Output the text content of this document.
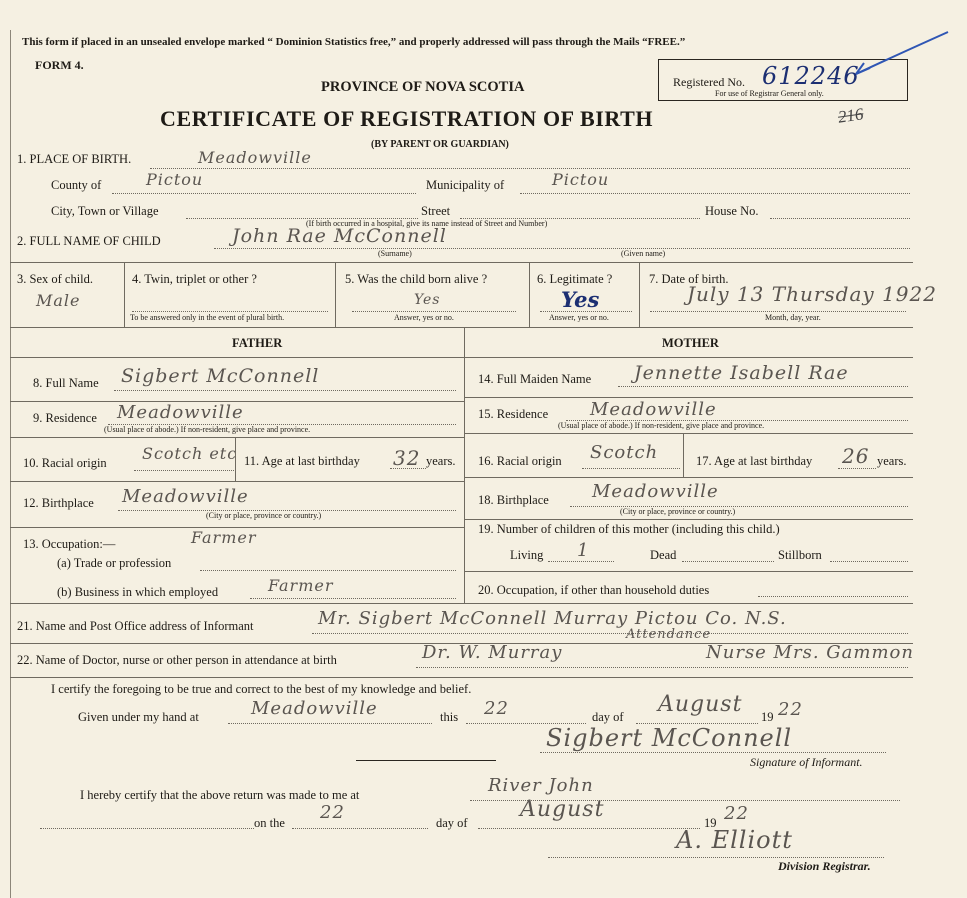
This form if placed in an unsealed envelope marked “ Dominion Statistics free,” and properly addressed will pass through the Mails “FREE.”
FORM 4.
PROVINCE OF NOVA SCOTIA
CERTIFICATE OF REGISTRATION OF BIRTH
(BY PARENT OR GUARDIAN)
Registered No. 612246
For use of Registrar General only.
216
1. PLACE OF BIRTH.	Meadowville
County of	Pictou	Municipality of	Pictou
City, Town or Village	Street	House No.
(If birth occurred in a hospital, give its name instead of Street and Number)
2. FULL NAME OF CHILD	John Rae McConnell
(Surname)	(Given name)
3. Sex of child.
Male
4. Twin, triplet or other ?
To be answered only in the event of plural birth.
5. Was the child born alive ?
Yes
Answer, yes or no.
6. Legitimate ?
Yes
Answer, yes or no.
7. Date of birth.
July 13 Thursday 1922
Month, day, year.
FATHER	MOTHER
8. Full Name Sigbert McConnell
9. Residence Meadowville
(Usual place of abode.) If non-resident, give place and province.
10. Racial origin Scotch etc 11. Age at last birthday 32 years.
12. Birthplace Meadowville
(City or place, province or country.)
13. Occupation:—	Farmer
(a) Trade or profession
(b) Business in which employed	Farmer
14. Full Maiden Name Jennette Isabell Rae
15. Residence Meadowville
(Usual place of abode.) If non-resident, give place and province.
16. Racial origin Scotch	17. Age at last birthday 26 years.
18. Birthplace Meadowville
(City or place, province or country.)
19. Number of children of this mother (including this child.)
Living 1	Dead	Stillborn
20. Occupation, if other than household duties
21. Name and Post Office address of Informant	Mr. Sigbert McConnell Murray Pictou Co. N.S.
22. Name of Doctor, nurse or other person in attendance at birth	Dr. W. Murray
Attendance
Nurse Mrs. Gammon
I certify the foregoing to be true and correct to the best of my knowledge and belief.
Given under my hand at	Meadowville	this 22	day of August 19 22
Sigbert McConnell
Signature of Informant.
I hereby certify that the above return was made to me at	River John
on the 22	day of
August
19 22
A. Elliott
Division Registrar.
